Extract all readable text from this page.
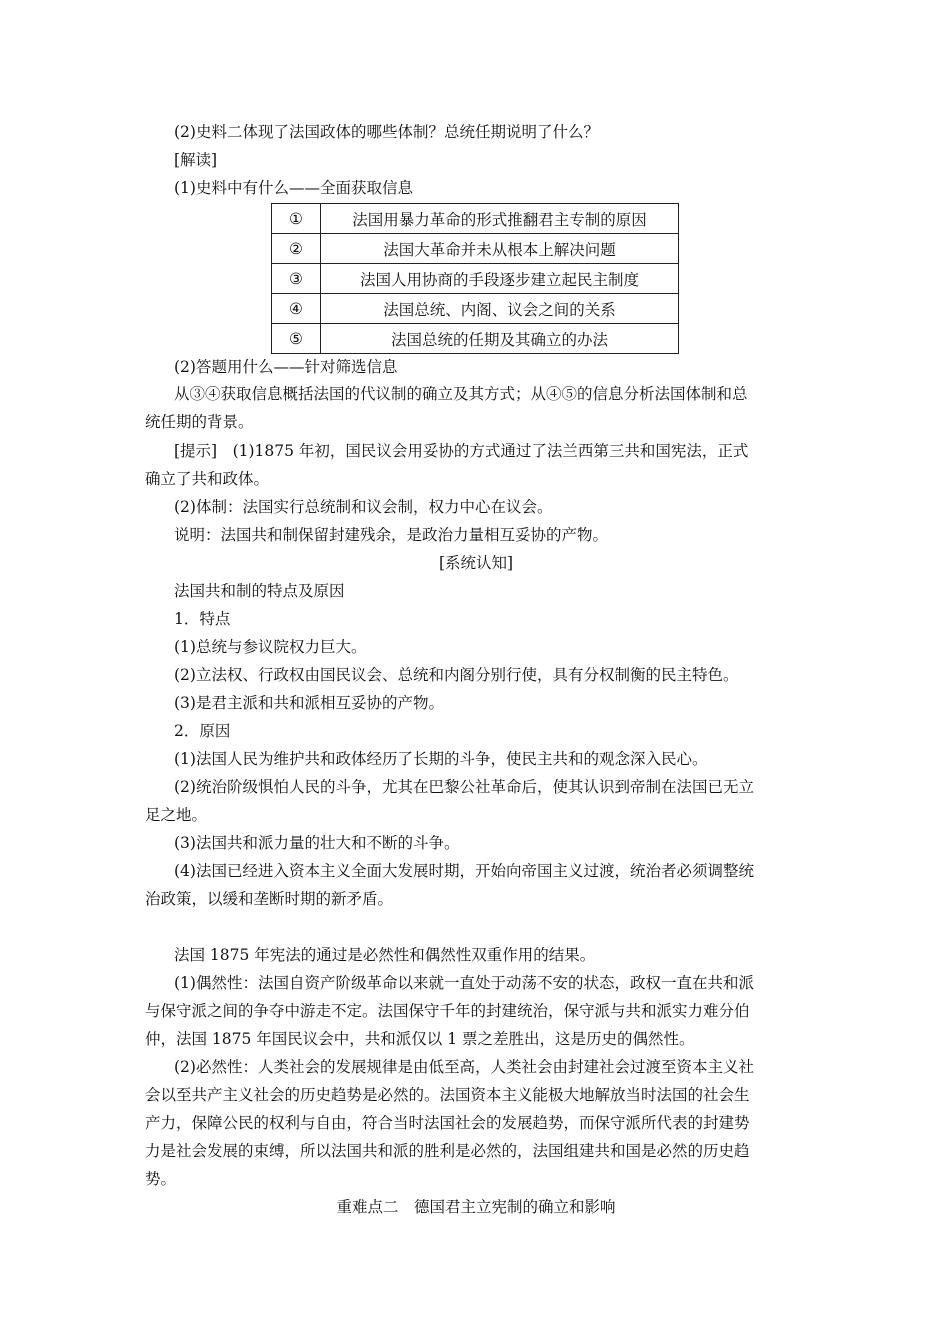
(2)史料二体现了法国政体的哪些体制？总统任期说明了什么？
[解读]
(1)史料中有什么——全面获取信息
①	法国用暴力革命的形式推翻君主专制的原因
②	法国大革命并未从根本上解决问题
③	法国人用协商的手段逐步建立起民主制度
④	法国总统、内阁、议会之间的关系
⑤	法国总统的任期及其确立的办法
(2)答题用什么——针对筛选信息
从③④获取信息概括法国的代议制的确立及其方式；从④⑤的信息分析法国体制和总
统任期的背景。
[提示]　(1)1875 年初，国民议会用妥协的方式通过了法兰西第三共和国宪法，正式
确立了共和政体。
(2)体制：法国实行总统制和议会制，权力中心在议会。
说明：法国共和制保留封建残余，是政治力量相互妥协的产物。
[系统认知]
法国共和制的特点及原因
1．特点
(1)总统与参议院权力巨大。
(2)立法权、行政权由国民议会、总统和内阁分别行使，具有分权制衡的民主特色。
(3)是君主派和共和派相互妥协的产物。
2．原因
(1)法国人民为维护共和政体经历了长期的斗争，使民主共和的观念深入民心。
(2)统治阶级惧怕人民的斗争，尤其在巴黎公社革命后，使其认识到帝制在法国已无立
足之地。
(3)法国共和派力量的壮大和不断的斗争。
(4)法国已经进入资本主义全面大发展时期，开始向帝国主义过渡，统治者必须调整统
治政策，以缓和垄断时期的新矛盾。
法国 1875 年宪法的通过是必然性和偶然性双重作用的结果。
(1)偶然性：法国自资产阶级革命以来就一直处于动荡不安的状态，政权一直在共和派
与保守派之间的争夺中游走不定。法国保守千年的封建统治，保守派与共和派实力难分伯
仲，法国 1875 年国民议会中，共和派仅以 1 票之差胜出，这是历史的偶然性。
(2)必然性：人类社会的发展规律是由低至高，人类社会由封建社会过渡至资本主义社
会以至共产主义社会的历史趋势是必然的。法国资本主义能极大地解放当时法国的社会生
产力，保障公民的权利与自由，符合当时法国社会的发展趋势，而保守派所代表的封建势
力是社会发展的束缚，所以法国共和派的胜利是必然的，法国组建共和国是必然的历史趋
势。
重难点二　德国君主立宪制的确立和影响
